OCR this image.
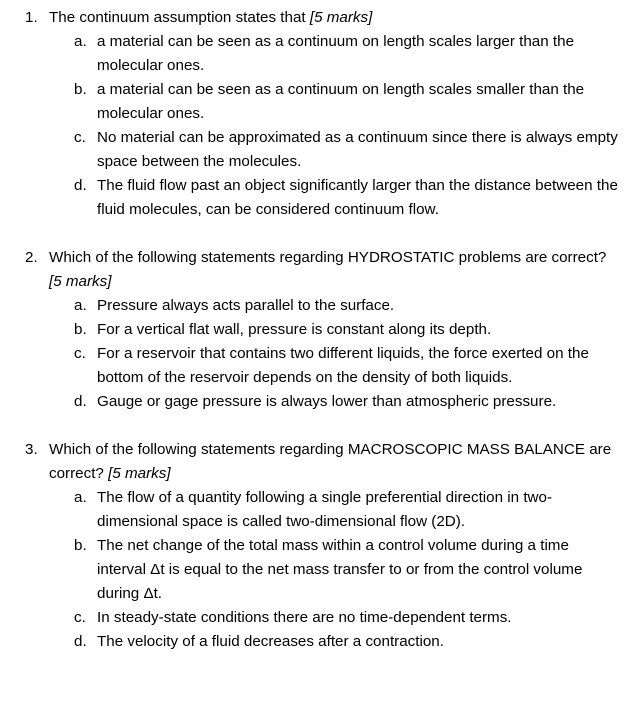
1. The continuum assumption states that [5 marks]
a. a material can be seen as a continuum on length scales larger than the molecular ones.
b. a material can be seen as a continuum on length scales smaller than the molecular ones.
c. No material can be approximated as a continuum since there is always empty space between the molecules.
d. The fluid flow past an object significantly larger than the distance between the fluid molecules, can be considered continuum flow.
2. Which of the following statements regarding HYDROSTATIC problems are correct? [5 marks]
a. Pressure always acts parallel to the surface.
b. For a vertical flat wall, pressure is constant along its depth.
c. For a reservoir that contains two different liquids, the force exerted on the bottom of the reservoir depends on the density of both liquids.
d. Gauge or gage pressure is always lower than atmospheric pressure.
3. Which of the following statements regarding MACROSCOPIC MASS BALANCE are correct? [5 marks]
a. The flow of a quantity following a single preferential direction in two-dimensional space is called two-dimensional flow (2D).
b. The net change of the total mass within a control volume during a time interval Δt is equal to the net mass transfer to or from the control volume during Δt.
c. In steady-state conditions there are no time-dependent terms.
d. The velocity of a fluid decreases after a contraction.
